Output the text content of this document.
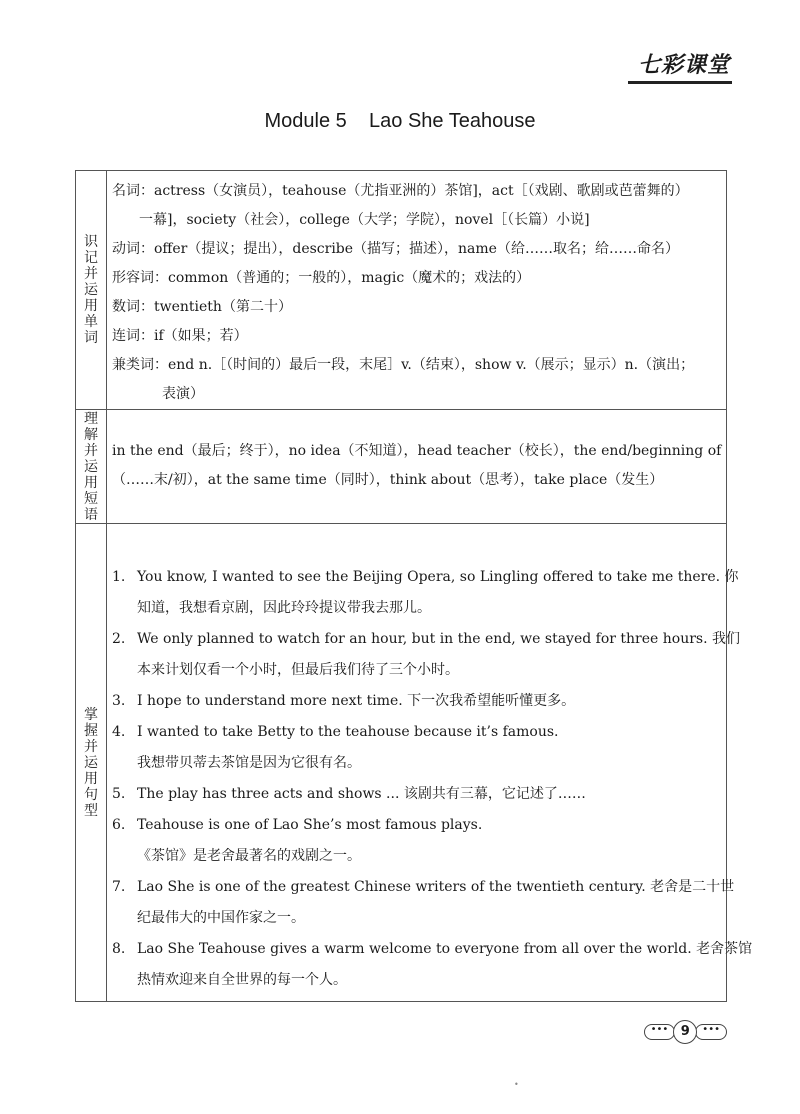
七彩课堂
Module 5    Lao She Teahouse
识记并运用单词
名词：actress（女演员），teahouse（尤指亚洲的）茶馆]，act［（戏剧、歌剧或芭蕾舞的）
一幕]，society（社会），college（大学；学院），novel［（长篇）小说]
动词：offer（提议；提出），describe（描写；描述），name（给……取名；给……命名）
形容词：common（普通的；一般的），magic（魔术的；戏法的）
数词：twentieth（第二十）
连词：if（如果；若）
兼类词：end n.［（时间的）最后一段，末尾］v.（结束），show v.（展示；显示）n.（演出；
表演）
理解并运用短语
in the end（最后；终于），no idea（不知道），head teacher（校长），the end/beginning of
（……末/初），at the same time（同时），think about（思考），take place（发生）
掌握并运用句型
1. You know, I wanted to see the Beijing Opera, so Lingling offered to take me there. 你
知道，我想看京剧，因此玲玲提议带我去那儿。
2. We only planned to watch for an hour, but in the end, we stayed for three hours. 我们
本来计划仅看一个小时，但最后我们待了三个小时。
3. I hope to understand more next time. 下一次我希望能听懂更多。
4. I wanted to take Betty to the teahouse because it’s famous.
我想带贝蒂去茶馆是因为它很有名。
5. The play has three acts and shows ... 该剧共有三幕，它记述了……
6. Teahouse is one of Lao She’s most famous plays.
《茶馆》是老舍最著名的戏剧之一。
7. Lao She is one of the greatest Chinese writers of the twentieth century. 老舍是二十世
纪最伟大的中国作家之一。
8. Lao She Teahouse gives a warm welcome to everyone from all over the world. 老舍茶馆
热情欢迎来自全世界的每一个人。
••• 9	•••
•
